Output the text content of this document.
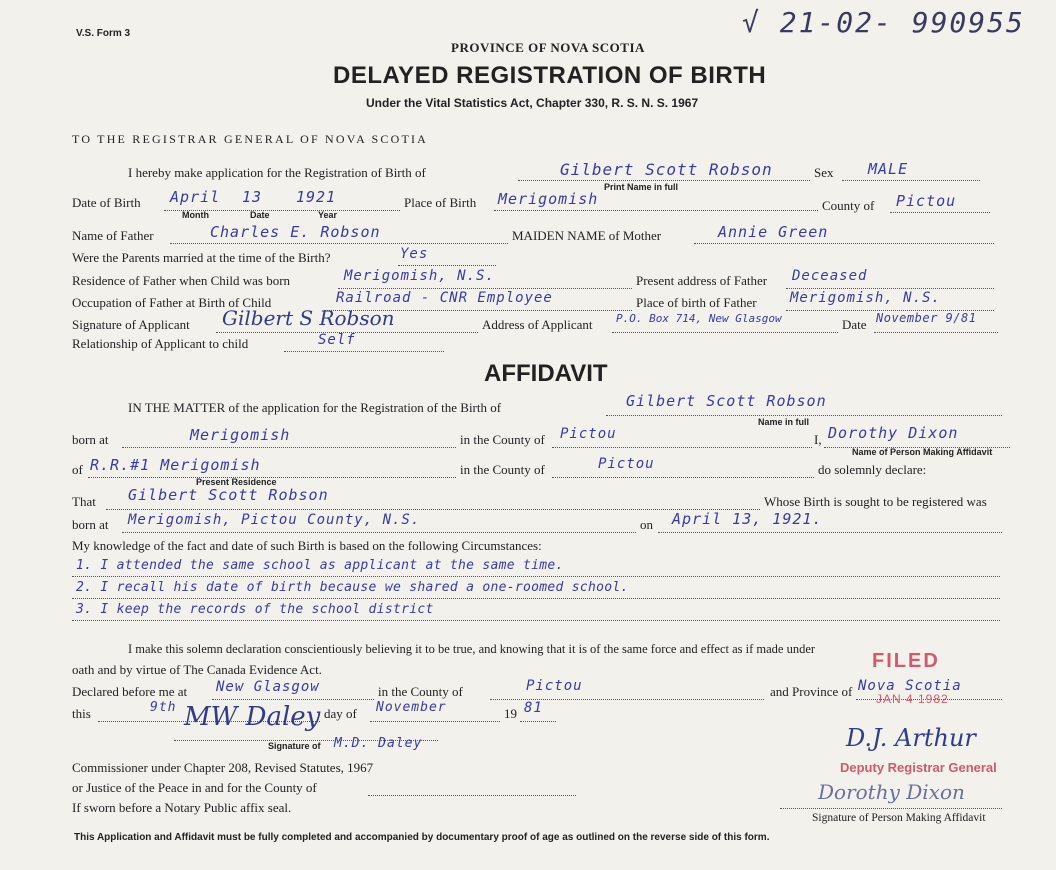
V.S. Form 3	√ 21-02- 990955
PROVINCE OF NOVA SCOTIA
DELAYED REGISTRATION OF BIRTH
Under the Vital Statistics Act, Chapter 330, R. S. N. S. 1967
TO THE REGISTRAR GENERAL OF NOVA SCOTIA
I hereby make application for the Registration of Birth of	Gilbert Scott Robson
Print Name in full
Sex MALE
Date of Birth April 13 1921
Month	Date	Year
Place of Birth Merigomish	County of Pictou
Name of Father	Charles E. Robson	MAIDEN NAME of Mother	Annie Green
Were the Parents married at the time of the Birth?	Yes
Residence of Father when Child was born	Merigomish, N.S.	Present address of Father Deceased
Occupation of Father at Birth of Child	Railroad - CNR Employee	Place of birth of Father Merigomish, N.S.
Signature of Applicant Gilbert S Robson	Address of Applicant P.O. Box 714, New Glasgow	Date November 9/81
Relationship of Applicant to child	Self
AFFIDAVIT
IN THE MATTER of the application for the Registration of the Birth of	Gilbert Scott Robson
Name in full
born at	Merigomish	in the County of Pictou	I, Dorothy Dixon
Name of Person Making Affidavit
of R.R.#1 Merigomish
Present Residence
in the County of	Pictou	do solemnly declare:
That Gilbert Scott Robson	Whose Birth is sought to be registered was
born at Merigomish, Pictou County, N.S.	on April 13, 1921.
My knowledge of the fact and date of such Birth is based on the following Circumstances:
1. I attended the same school as applicant at the same time.
2. I recall his date of birth because we shared a one-roomed school.
3. I keep the records of the school district
I make this solemn declaration conscientiously believing it to be true, and knowing that it is of the same force and effect as if made under
oath and by virtue of The Canada Evidence Act.
Declared before me at New Glasgow	in the County of	Pictou	and Province of Nova Scotia
this	9th	day of November	19 81
MW Daley
Signature of M.D. Daley
Commissioner under Chapter 208, Revised Statutes, 1967
or Justice of the Peace in and for the County of
If sworn before a Notary Public affix seal.
Dorothy Dixon
Signature of Person Making Affidavit
FILED
JAN 4 1982
D.J. Arthur
Deputy Registrar General
This Application and Affidavit must be fully completed and accompanied by documentary proof of age as outlined on the reverse side of this form.
